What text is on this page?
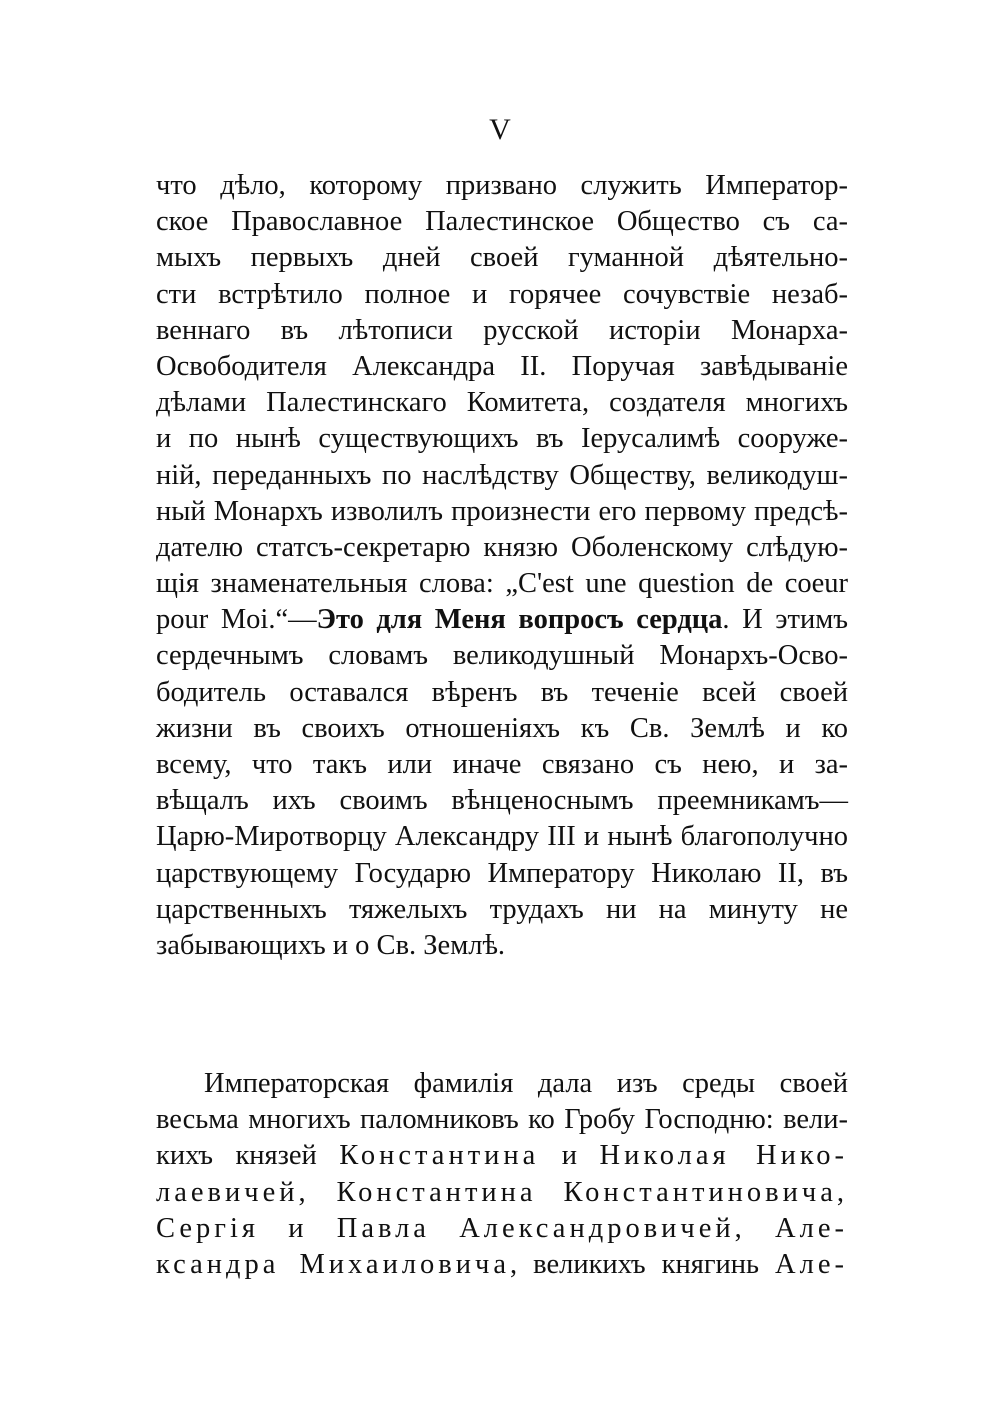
V
что дѣло, которому призвано служить Император-
ское Православное Палестинское Общество съ са-
мыхъ первыхъ дней своей гуманной дѣятельно-
сти встрѣтило полное и горячее сочувствіе незаб-
веннаго въ лѣтописи русской исторіи Монарха-
Освободителя Александра II. Поручая завѣдываніе
дѣлами Палестинскаго Комитета, создателя многихъ
и по нынѣ существующихъ въ Іерусалимѣ сооруже-
ній, переданныхъ по наслѣдству Обществу, великодуш-
ный Монархъ изволилъ произнести его первому предсѣ-
дателю статсъ-секретарю князю Оболенскому слѣдую-
щія знаменательныя слова: „C'est une question de coeur
pour Moi.“—Это для Меня вопросъ сердца. И этимъ
сердечнымъ словамъ великодушный Монархъ-Осво-
бодитель оставался вѣренъ въ теченіе всей своей
жизни въ своихъ отношеніяхъ къ Св. Землѣ и ко
всему, что такъ или иначе связано съ нею, и за-
вѣщалъ ихъ своимъ вѣнценоснымъ преемникамъ—
Царю-Миротворцу Александру III и нынѣ благополучно
царствующему Государю Императору Николаю II, въ
царственныхъ тяжелыхъ трудахъ ни на минуту не
забывающихъ и о Св. Землѣ.
Императорская фамилія дала изъ среды своей
весьма многихъ паломниковъ ко Гробу Господню: вели-
кихъ князей Константина и Николая Нико-
лаевичей, Константина Константиновича,
Сергія и Павла Александровичей, Але-
ксандра Михаиловича, великихъ княгинь Але-
